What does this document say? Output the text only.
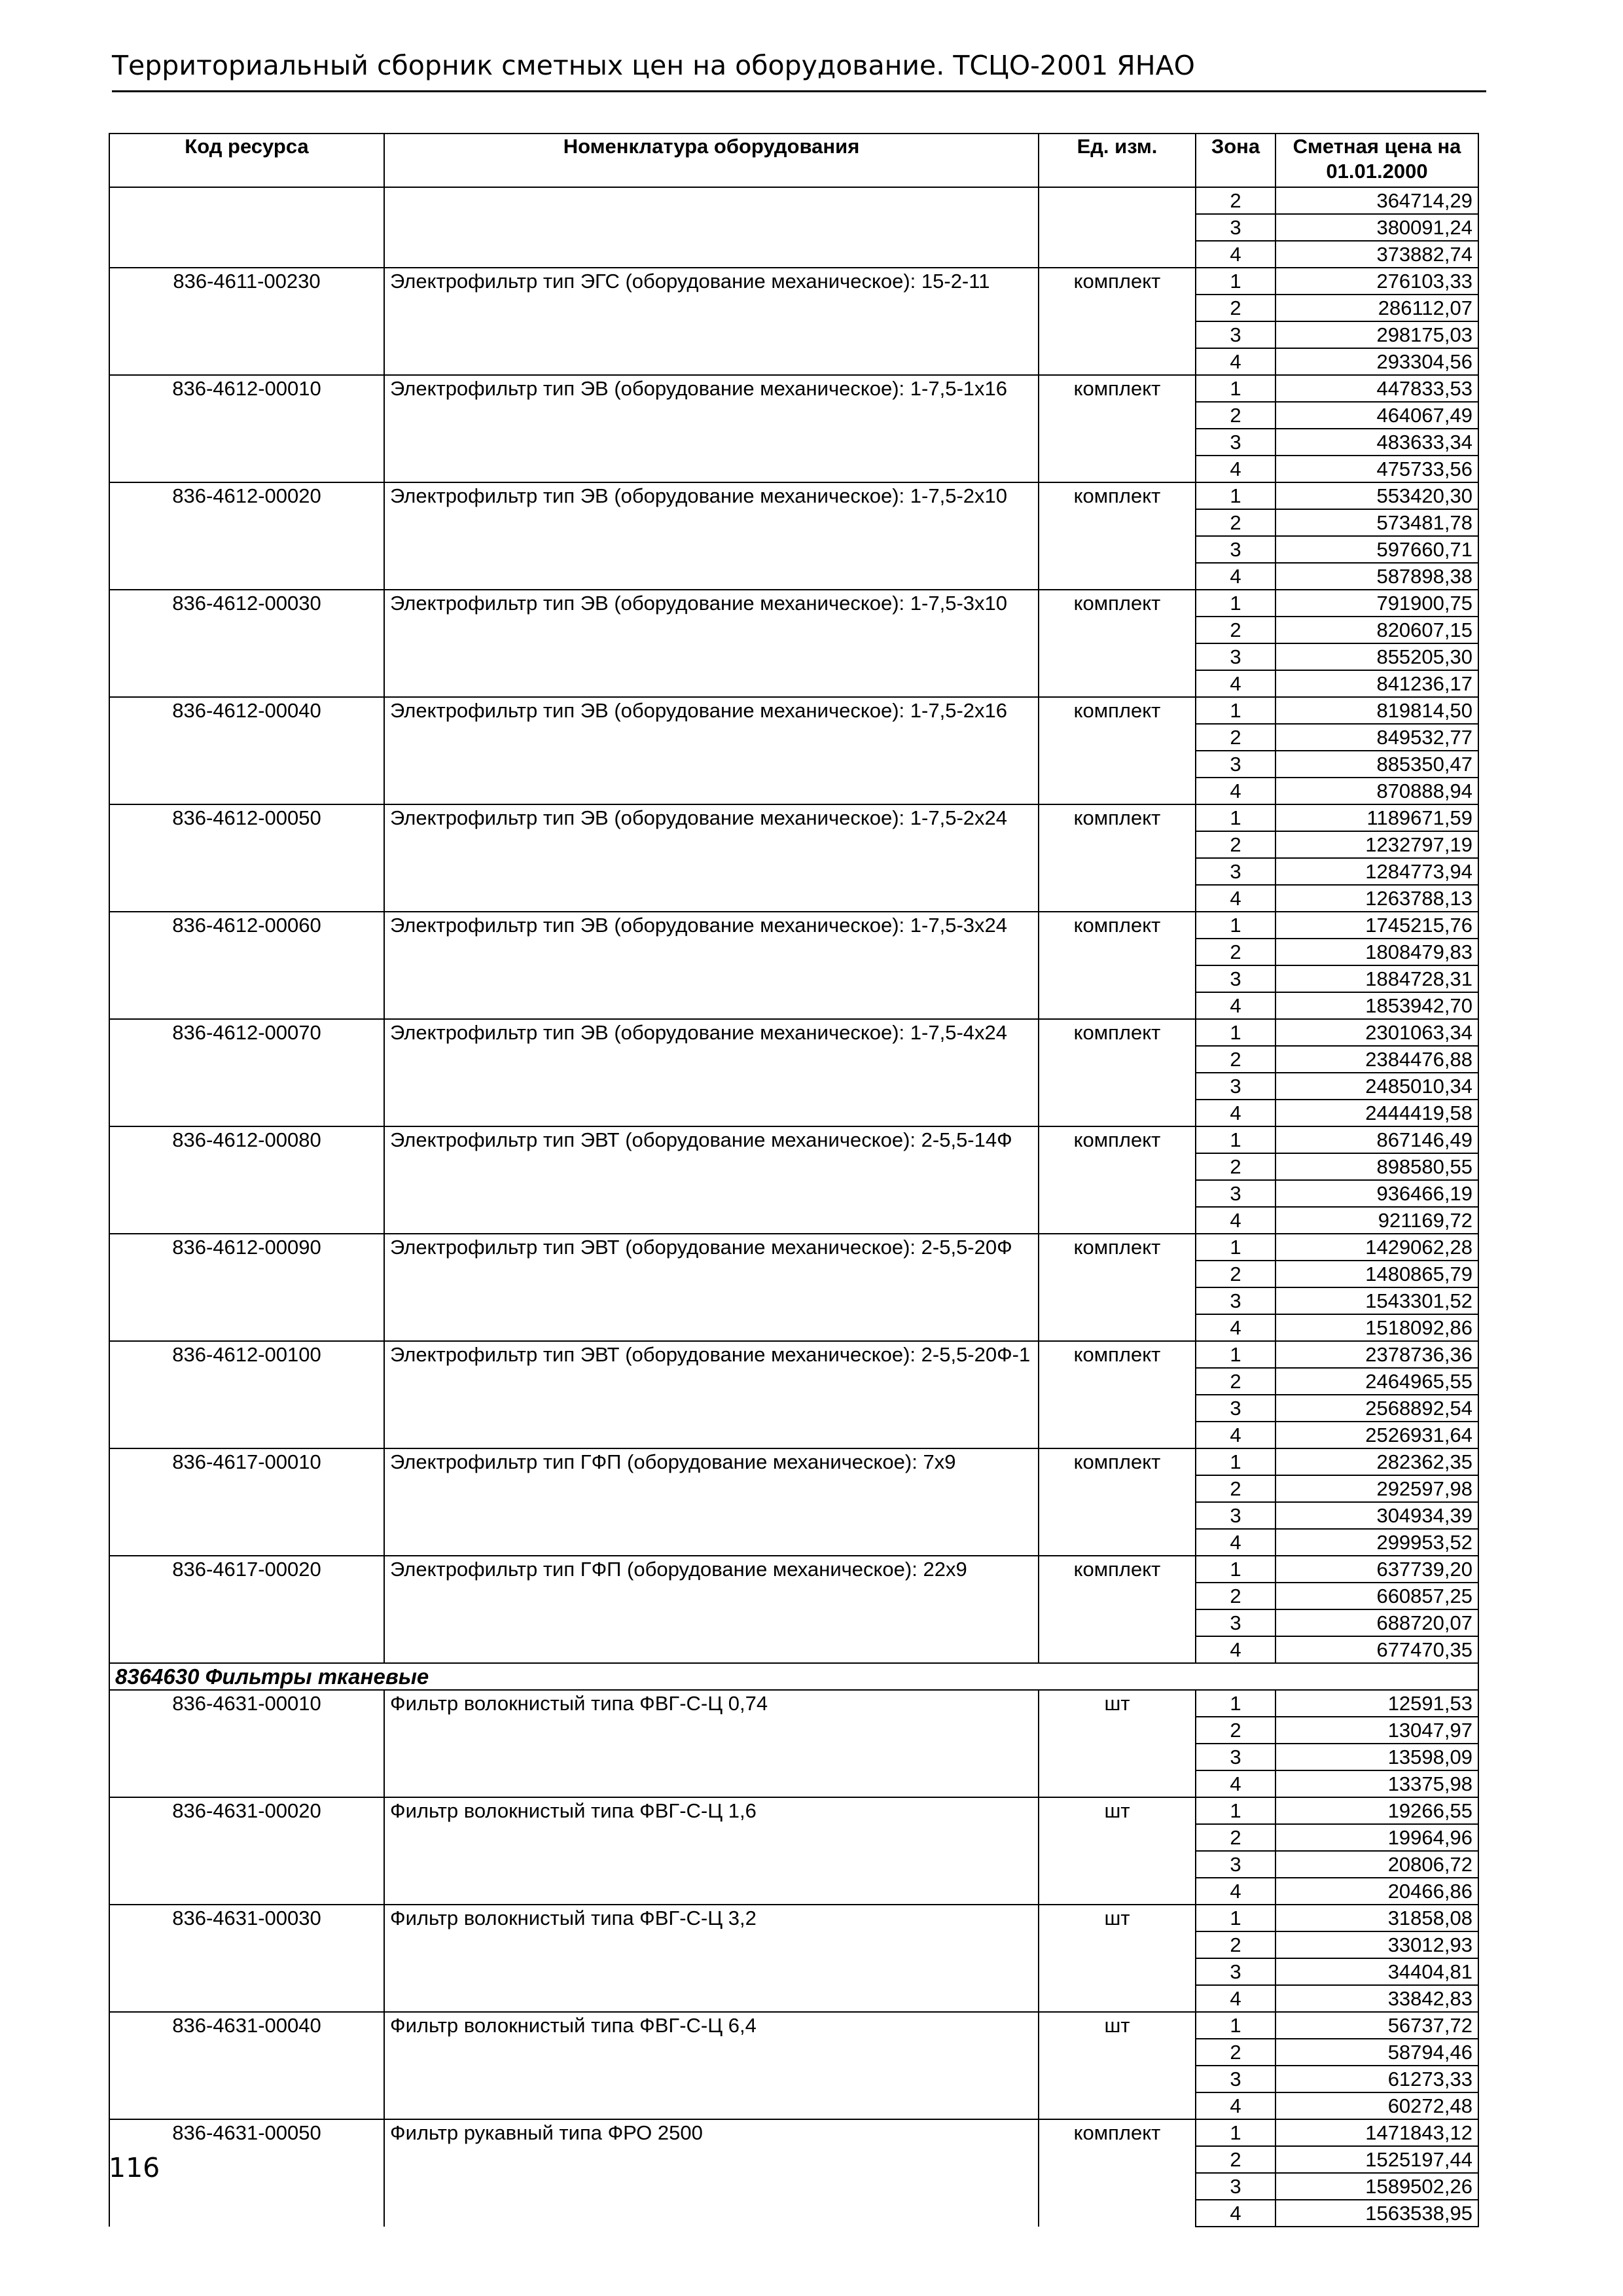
Территориальный сборник сметных цен на оборудование. ТСЦО-2001 ЯНАО
Код ресурса	Номенклатура оборудования	Ед. изм.	Зона	Сметная цена на 01.01.2000
			2	364714,29
			3	380091,24
			4	373882,74
836-4611-00230	Электрофильтр тип ЭГС (оборудование механическое): 15-2-11	комплект	1	276103,33
			2	286112,07
			3	298175,03
			4	293304,56
836-4612-00010	Электрофильтр тип ЭВ (оборудование механическое): 1-7,5-1x16	комплект	1	447833,53
			2	464067,49
			3	483633,34
			4	475733,56
836-4612-00020	Электрофильтр тип ЭВ (оборудование механическое): 1-7,5-2x10	комплект	1	553420,30
			2	573481,78
			3	597660,71
			4	587898,38
836-4612-00030	Электрофильтр тип ЭВ (оборудование механическое): 1-7,5-3x10	комплект	1	791900,75
			2	820607,15
			3	855205,30
			4	841236,17
836-4612-00040	Электрофильтр тип ЭВ (оборудование механическое): 1-7,5-2x16	комплект	1	819814,50
			2	849532,77
			3	885350,47
			4	870888,94
836-4612-00050	Электрофильтр тип ЭВ (оборудование механическое): 1-7,5-2x24	комплект	1	1189671,59
			2	1232797,19
			3	1284773,94
			4	1263788,13
836-4612-00060	Электрофильтр тип ЭВ (оборудование механическое): 1-7,5-3x24	комплект	1	1745215,76
			2	1808479,83
			3	1884728,31
			4	1853942,70
836-4612-00070	Электрофильтр тип ЭВ (оборудование механическое): 1-7,5-4x24	комплект	1	2301063,34
			2	2384476,88
			3	2485010,34
			4	2444419,58
836-4612-00080	Электрофильтр тип ЭВТ (оборудование механическое): 2-5,5-14Ф	комплект	1	867146,49
			2	898580,55
			3	936466,19
			4	921169,72
836-4612-00090	Электрофильтр тип ЭВТ (оборудование механическое): 2-5,5-20Ф	комплект	1	1429062,28
			2	1480865,79
			3	1543301,52
			4	1518092,86
836-4612-00100	Электрофильтр тип ЭВТ (оборудование механическое): 2-5,5-20Ф-1	комплект	1	2378736,36
			2	2464965,55
			3	2568892,54
			4	2526931,64
836-4617-00010	Электрофильтр тип ГФП (оборудование механическое): 7x9	комплект	1	282362,35
			2	292597,98
			3	304934,39
			4	299953,52
836-4617-00020	Электрофильтр тип ГФП (оборудование механическое): 22x9	комплект	1	637739,20
			2	660857,25
			3	688720,07
			4	677470,35
8364630 Фильтры тканевые				
836-4631-00010	Фильтр волокнистый типа ФВГ-С-Ц 0,74	шт	1	12591,53
			2	13047,97
			3	13598,09
			4	13375,98
836-4631-00020	Фильтр волокнистый типа ФВГ-С-Ц 1,6	шт	1	19266,55
			2	19964,96
			3	20806,72
			4	20466,86
836-4631-00030	Фильтр волокнистый типа ФВГ-С-Ц 3,2	шт	1	31858,08
			2	33012,93
			3	34404,81
			4	33842,83
836-4631-00040	Фильтр волокнистый типа ФВГ-С-Ц 6,4	шт	1	56737,72
			2	58794,46
			3	61273,33
			4	60272,48
836-4631-00050	Фильтр рукавный типа ФРО 2500	комплект	1	1471843,12
			2	1525197,44
			3	1589502,26
			4	1563538,95
116
